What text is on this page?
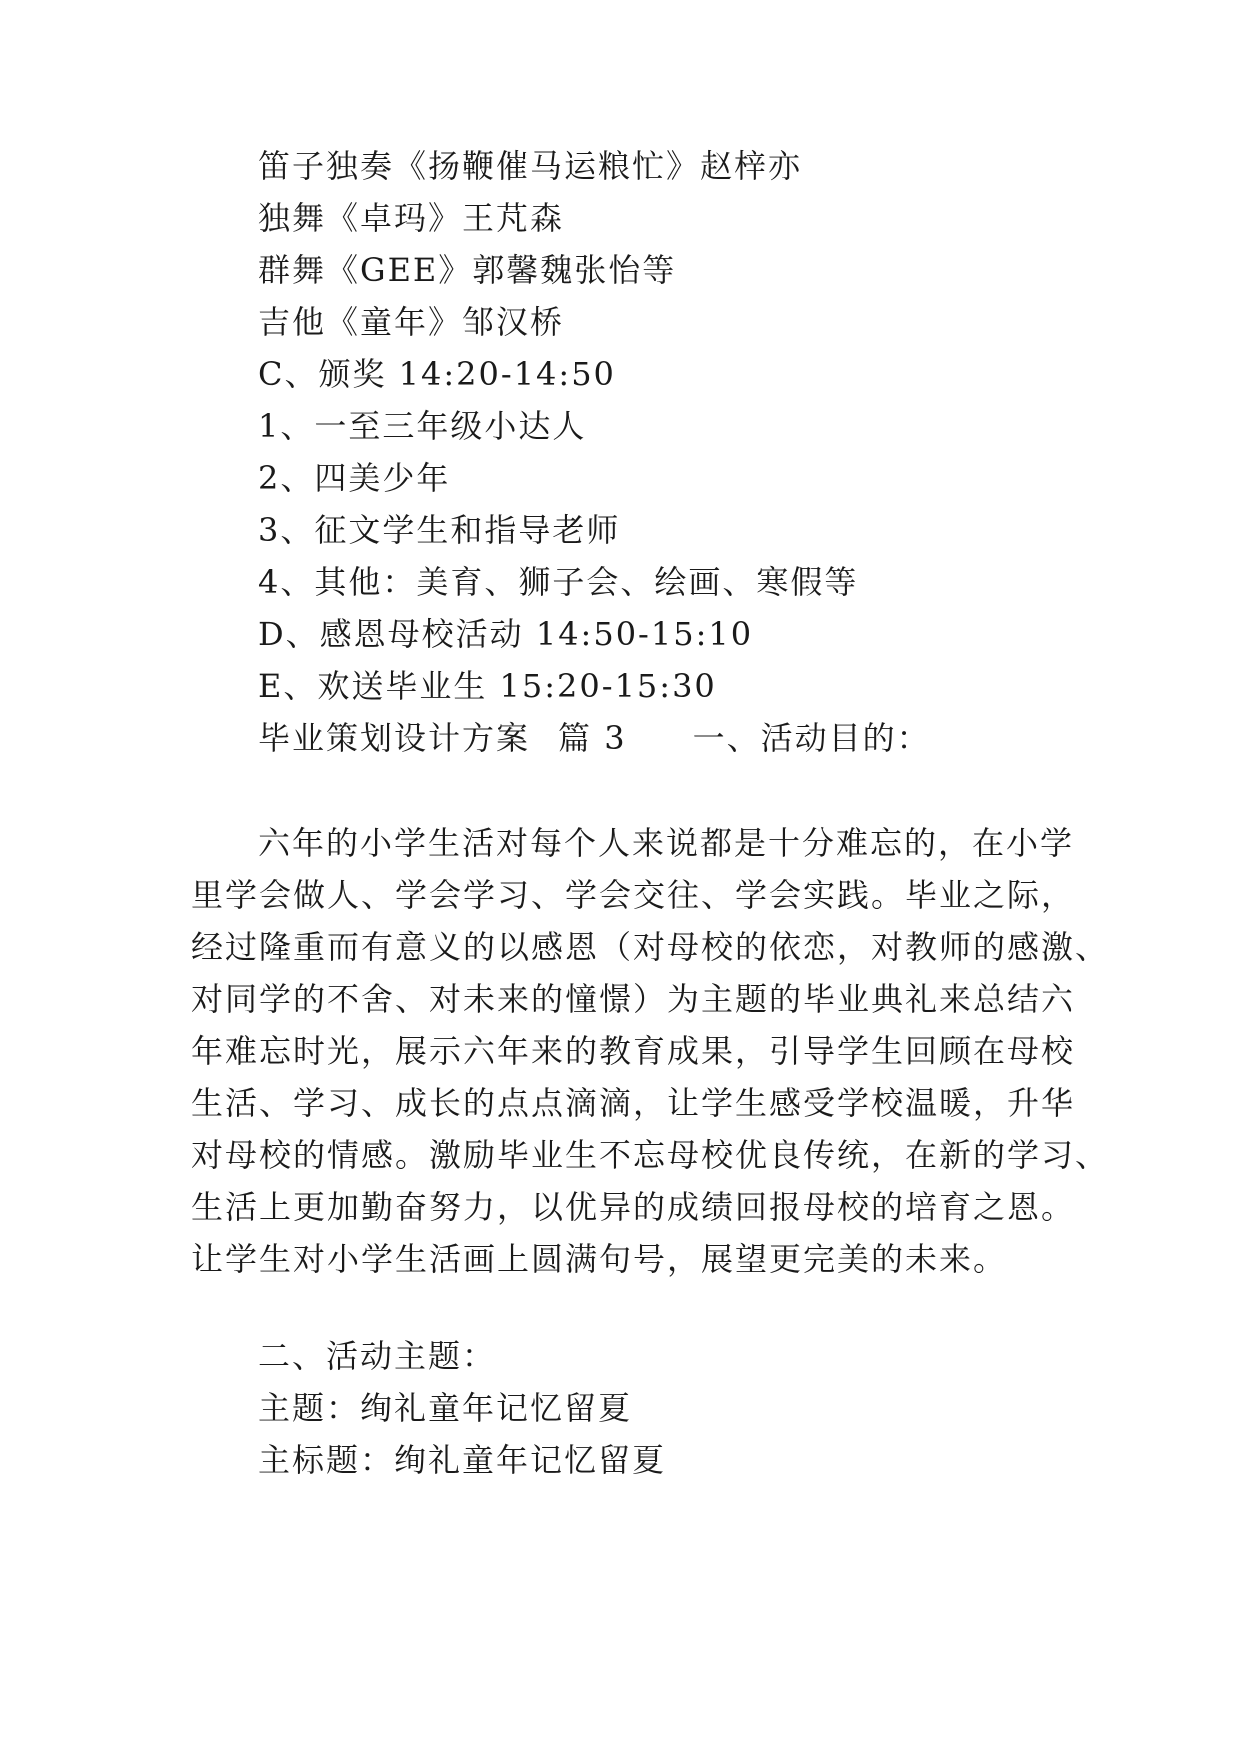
笛子独奏《扬鞭催马运粮忙》赵梓亦
独舞《卓玛》王芃森
群舞《GEE》郭馨魏张怡等
吉他《童年》邹汉桥
C、颁奖 14:20-14:50
1、一至三年级小达人
2、四美少年
3、征文学生和指导老师
4、其他：美育、狮子会、绘画、寒假等
D、感恩母校活动 14:50-15:10
E、欢送毕业生 15:20-15:30
毕业策划设计方案 篇 3 一、活动目的：
六年的小学生活对每个人来说都是十分难忘的，在小学
里学会做人、学会学习、学会交往、学会实践。毕业之际，
经过隆重而有意义的以感恩（对母校的依恋，对教师的感激、
对同学的不舍、对未来的憧憬）为主题的毕业典礼来总结六
年难忘时光，展示六年来的教育成果，引导学生回顾在母校
生活、学习、成长的点点滴滴，让学生感受学校温暖，升华
对母校的情感。激励毕业生不忘母校优良传统，在新的学习、
生活上更加勤奋努力，以优异的成绩回报母校的培育之恩。
让学生对小学生活画上圆满句号，展望更完美的未来。
二、活动主题：
主题：绚礼童年记忆留夏
主标题：绚礼童年记忆留夏
